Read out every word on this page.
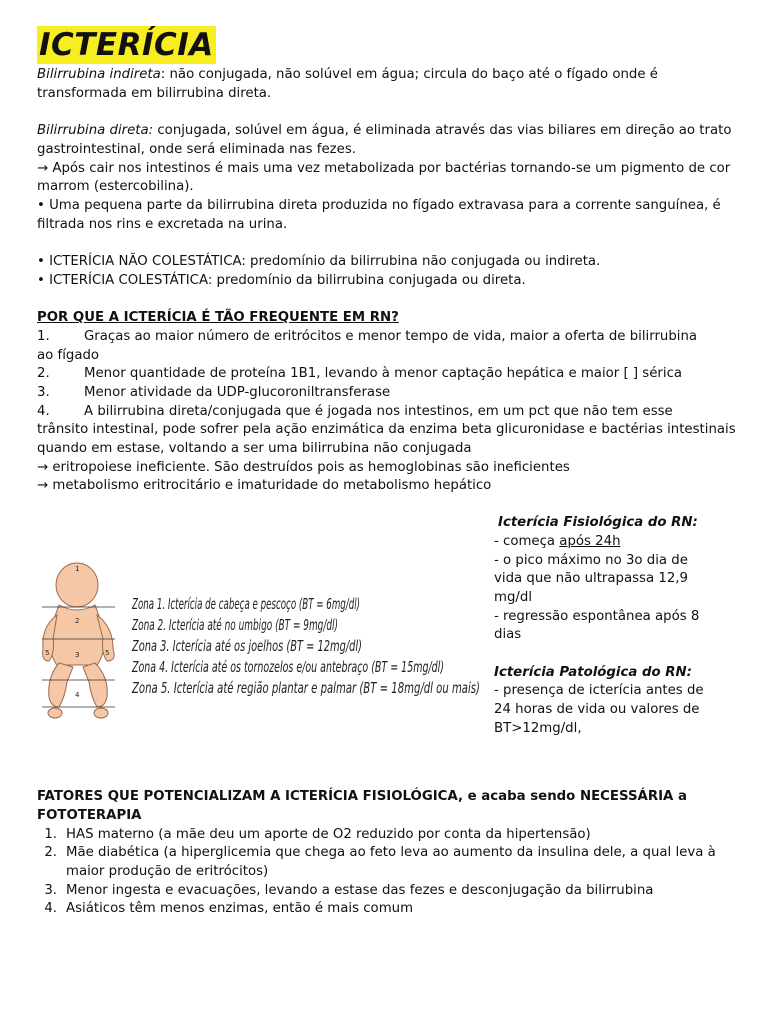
ICTERÍCIA

Bilirrubina indireta: não conjugada, não solúvel em água; circula do baço até o fígado onde é transformada em bilirrubina direta.

Bilirrubina direta: conjugada, solúvel em água, é eliminada através das vias biliares em direção ao trato gastrointestinal, onde será eliminada nas fezes.

→ Após cair nos intestinos é mais uma vez metabolizada por bactérias tornando-se um pigmento de cor marrom (estercobilina).

• Uma pequena parte da bilirrubina direta produzida no fígado extravasa para a corrente sanguínea, é filtrada nos rins e excretada na urina.

• ICTERÍCIA NÃO COLESTÁTICA: predomínio da bilirrubina não conjugada ou indireta.

• ICTERÍCIA COLESTÁTICA: predomínio da bilirrubina conjugada ou direta.

POR QUE A ICTERÍCIA É TÃO FREQUENTE EM RN?

1.	Graças ao maior número de eritrócitos e menor tempo de vida, maior a oferta de bilirrubina
ao fígado
2.	Menor quantidade de proteína 1B1, levando à menor captação hepática e maior [ ] sérica
3.	Menor atividade da UDP-glucoroniltransferase
4.	A bilirrubina direta/conjugada que é jogada nos intestinos, em um pct que não tem esse
trânsito intestinal, pode sofrer pela ação enzimática da enzima beta glicuronidase e bactérias intestinais quando em estase, voltando a ser uma bilirrubina não conjugada

→ eritropoiese ineficiente. São destruídos pois as hemoglobinas são ineficientes

→ metabolismo eritrocitário e imaturidade do metabolismo hepático

1
2
3
4
5	5
Zona 1. Icterícia de cabeça e pescoço (BT = 6mg/dl)
Zona 2. Icterícia até no umbigo (BT = 9mg/dl)
Zona 3. Icterícia até os joelhos (BT = 12mg/dl)
Zona 4. Icterícia até os tornozelos e/ou antebraço (BT = 15mg/dl)
Zona 5. Icterícia até região plantar e palmar (BT = 18mg/dl ou mais)

Icterícia Fisiológica do RN:

- começa após 24h

- o pico máximo no 3o dia de vida que não ultrapassa 12,9 mg/dl

- regressão espontânea após 8 dias

Icterícia Patológica do RN:

- presença de icterícia antes de 24 horas de vida ou valores de BT>12mg/dl,

FATORES QUE POTENCIALIZAM A ICTERÍCIA FISIOLÓGICA, e acaba sendo NECESSÁRIA a FOTOTERAPIA

1. HAS materno (a mãe deu um aporte de O2 reduzido por conta da hipertensão)
2. Mãe diabética (a hiperglicemia que chega ao feto leva ao aumento da insulina dele, a qual leva à maior produção de eritrócitos)
3. Menor ingesta e evacuações, levando a estase das fezes e desconjugação da bilirrubina
4. Asiáticos têm menos enzimas, então é mais comum
